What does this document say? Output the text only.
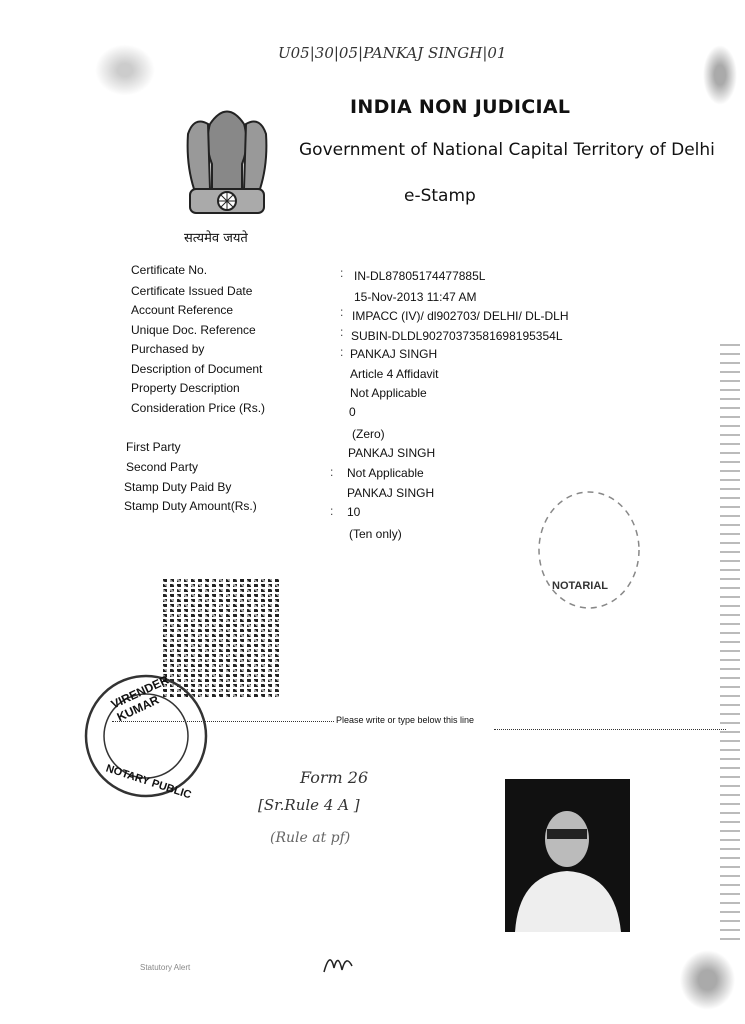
U05|30|05|PANKAJ SINGH|01
सत्यमेव जयते
INDIA NON JUDICIAL
Government of National Capital Territory of Delhi
e-Stamp
Certificate No.
Certificate Issued Date
Account Reference
Unique Doc. Reference
Purchased by
Description of Document
Property Description
Consideration Price (Rs.)
First Party
Second Party
Stamp Duty Paid By
Stamp Duty Amount(Rs.)
:
:
:
:
:
:
IN-DL87805174477885L
15-Nov-2013 11:47 AM
IMPACC (IV)/ dl902703/ DELHI/ DL-DLH
SUBIN-DLDL90270373581698195354L
PANKAJ SINGH
Article 4 Affidavit
Not Applicable
0
(Zero)
PANKAJ SINGH
Not Applicable
PANKAJ SINGH
10
(Ten only)
VIRENDER KUMAR
NOTARY PUBLIC
NOTARIAL
Please write or type below this line
Form 26
[Sr.Rule 4 A ]
(Rule at pf)
Statutory Alert
